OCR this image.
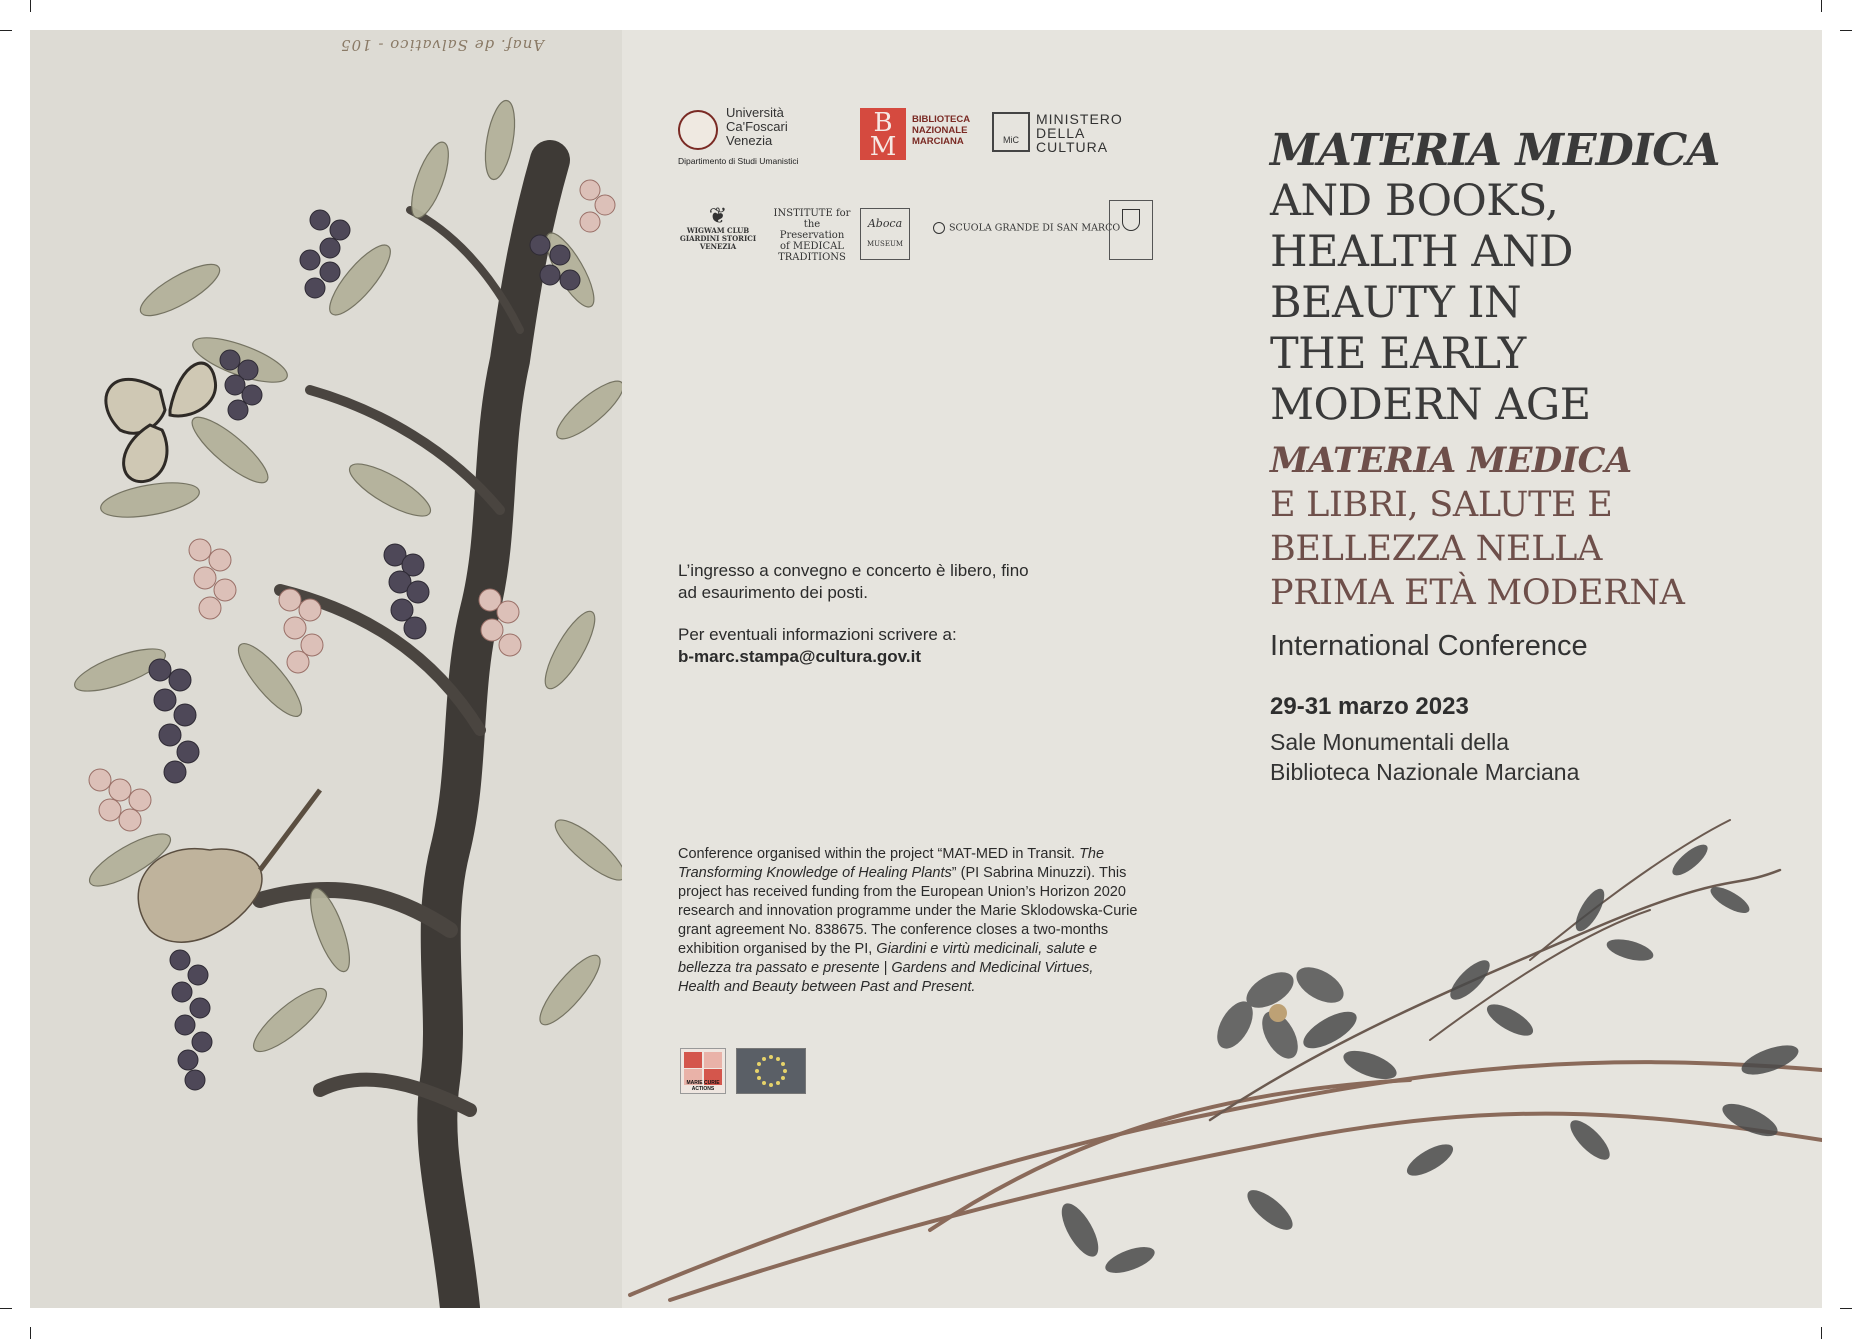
Anaf. de Salvatico - 105
Università
Ca'Foscari
Venezia
Dipartimento di Studi Umanistici
B
M
BIBLIOTECA
NAZIONALE
MARCIANA	MiC
MINISTERO
DELLA
CULTURA
❦
WIGWAM CLUB
GIARDINI STORICI
VENEZIA
INSTITUTE for the
Preservation
of MEDICAL
TRADITIONS
Aboca
MUSEUM
SCUOLA GRANDE DI SAN MARCO

L’ingresso a convegno e concerto è libero, fino ad esaurimento dei posti.

Per eventuali informazioni scrivere a:

b-marc.stampa@cultura.gov.it
Conference organised within the project “MAT-MED in Transit. The Transforming Knowledge of Healing Plants” (PI Sabrina Minuzzi). This project has received funding from the European Union’s Horizon 2020 research and innovation programme under the Marie Sklodowska-Curie grant agreement No. 838675. The conference closes a two-months exhibition organised by the PI, Giardini e virtù medicinali, salute e bellezza tra passato e presente | Gardens and Medicinal Virtues, Health and Beauty between Past and Present.
MARIE CURIE ACTIONS
MATERIA MEDICA
AND BOOKS,
HEALTH AND
BEAUTY IN
THE EARLY
MODERN AGE
MATERIA MEDICA
E LIBRI, SALUTE E
BELLEZZA NELLA
PRIMA ETÀ MODERNA
International Conference
29-31 marzo 2023
Sale Monumentali della
Biblioteca Nazionale Marciana
